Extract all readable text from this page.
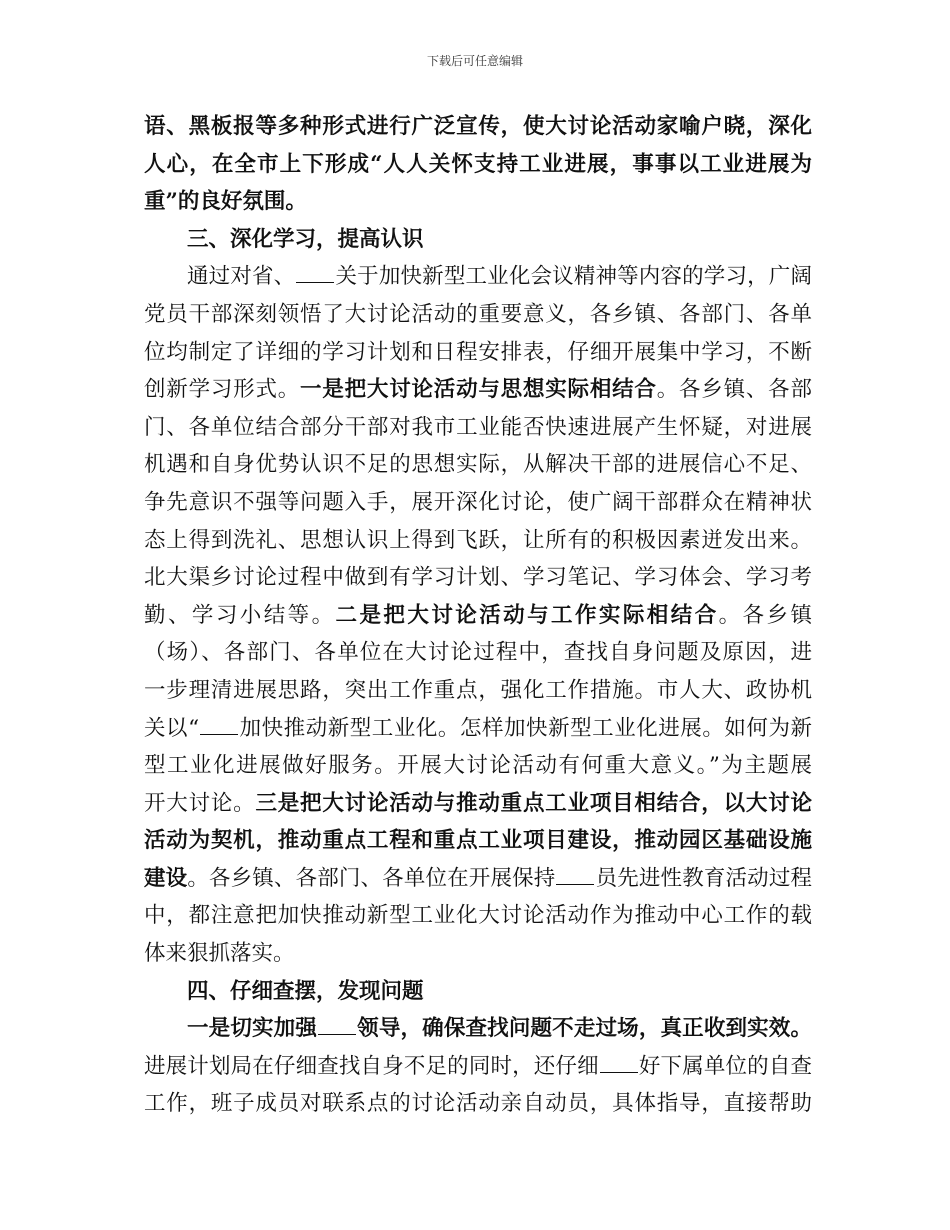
下载后可任意编辑
语、黑板报等多种形式进行广泛宣传，使大讨论活动家喻户晓，深化
人心，在全市上下形成“人人关怀支持工业进展，事事以工业进展为
重”的良好氛围。
三、深化学习，提高认识
通过对省、 关于加快新型工业化会议精神等内容的学习，广阔
党员干部深刻领悟了大讨论活动的重要意义，各乡镇、各部门、各单
位均制定了详细的学习计划和日程安排表，仔细开展集中学习，不断
创新学习形式。一是把大讨论活动与思想实际相结合。各乡镇、各部
门、各单位结合部分干部对我市工业能否快速进展产生怀疑，对进展
机遇和自身优势认识不足的思想实际，从解决干部的进展信心不足、
争先意识不强等问题入手，展开深化讨论，使广阔干部群众在精神状
态上得到洗礼、思想认识上得到飞跃，让所有的积极因素迸发出来。
北大渠乡讨论过程中做到有学习计划、学习笔记、学习体会、学习考
勤、学习小结等。二是把大讨论活动与工作实际相结合。各乡镇
（场）、各部门、各单位在大讨论过程中，查找自身问题及原因，进
一步理清进展思路，突出工作重点，强化工作措施。市人大、政协机
关以“ 加快推动新型工业化。怎样加快新型工业化进展。如何为新
型工业化进展做好服务。开展大讨论活动有何重大意义。”为主题展
开大讨论。三是把大讨论活动与推动重点工业项目相结合，以大讨论
活动为契机，推动重点工程和重点工业项目建设，推动园区基础设施
建设。各乡镇、各部门、各单位在开展保持 员先进性教育活动过程
中，都注意把加快推动新型工业化大讨论活动作为推动中心工作的载
体来狠抓落实。
四、仔细查摆，发现问题
一是切实加强 领导，确保查找问题不走过场，真正收到实效。
进展计划局在仔细查找自身不足的同时，还仔细 好下属单位的自查
工作，班子成员对联系点的讨论活动亲自动员，具体指导，直接帮助
